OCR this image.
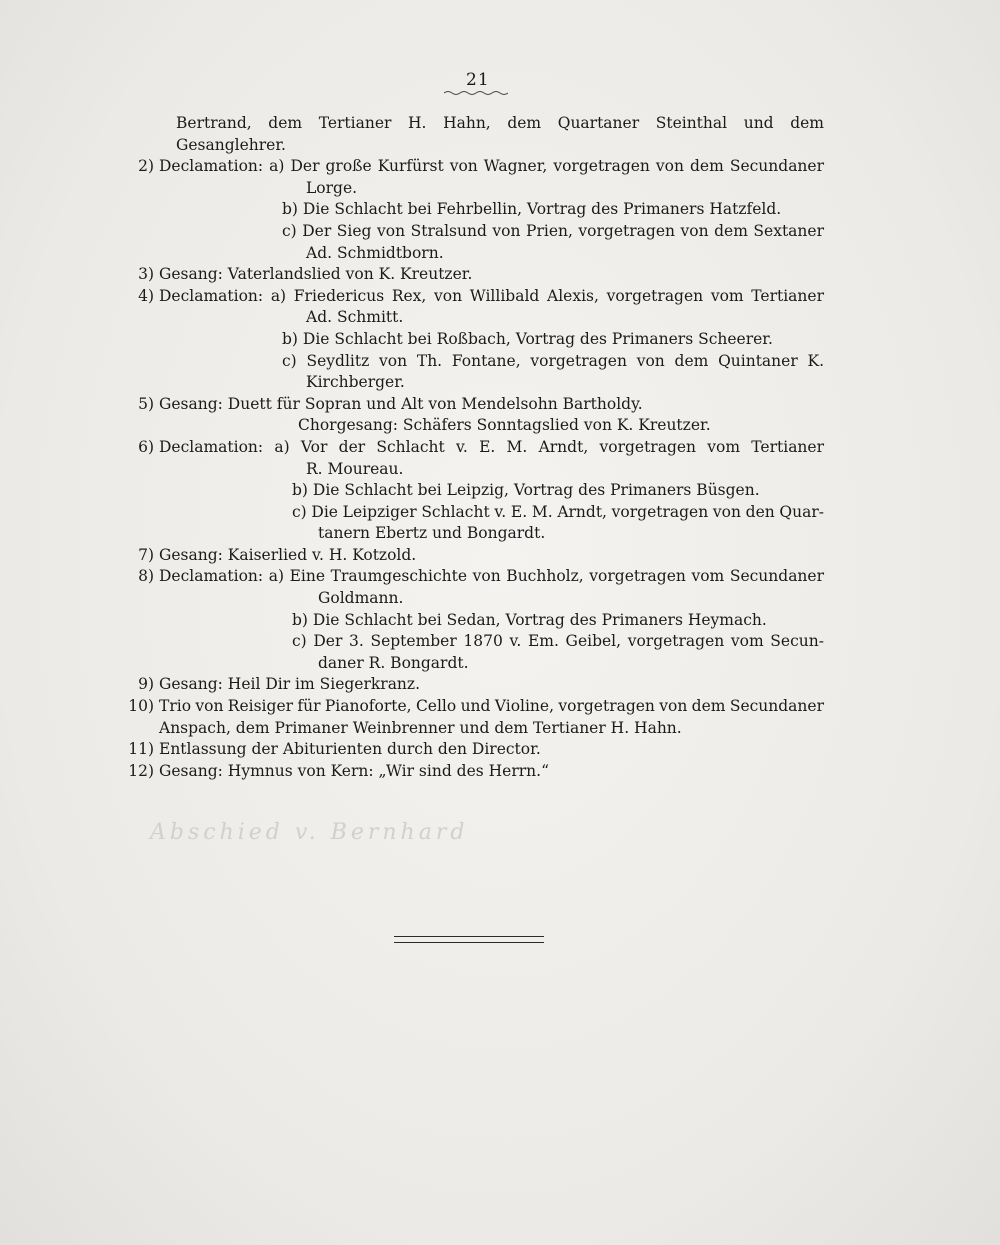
21
Abschied v. Bernhard
Bertrand, dem Tertianer H. Hahn, dem Quartaner Steinthal und dem
Gesanglehrer.
2) Declamation: a) Der große Kurfürst von Wagner, vorgetragen von dem Secundaner
Lorge.
b) Die Schlacht bei Fehrbellin, Vortrag des Primaners Hatzfeld.
c) Der Sieg von Stralsund von Prien, vorgetragen von dem Sextaner
Ad. Schmidtborn.
3) Gesang: Vaterlandslied von K. Kreutzer.
4) Declamation: a) Friedericus Rex, von Willibald Alexis, vorgetragen vom Tertianer
Ad. Schmitt.
b) Die Schlacht bei Roßbach, Vortrag des Primaners Scheerer.
c) Seydlitz von Th. Fontane, vorgetragen von dem Quintaner K.
Kirchberger.
5) Gesang: Duett für Sopran und Alt von Mendelsohn Bartholdy.
Chorgesang: Schäfers Sonntagslied von K. Kreutzer.
6) Declamation: a) Vor der Schlacht v. E. M. Arndt, vorgetragen vom Tertianer
R. Moureau.
b) Die Schlacht bei Leipzig, Vortrag des Primaners Büsgen.
c) Die Leipziger Schlacht v. E. M. Arndt, vorgetragen von den Quar-
tanern Ebertz und Bongardt.
7) Gesang: Kaiserlied v. H. Kotzold.
8) Declamation: a) Eine Traumgeschichte von Buchholz, vorgetragen vom Secundaner
Goldmann.
b) Die Schlacht bei Sedan, Vortrag des Primaners Heymach.
c) Der 3. September 1870 v. Em. Geibel, vorgetragen vom Secun-
daner R. Bongardt.
9) Gesang: Heil Dir im Siegerkranz.
10) Trio von Reisiger für Pianoforte, Cello und Violine, vorgetragen von dem Secundaner
Anspach, dem Primaner Weinbrenner und dem Tertianer H. Hahn.
11) Entlassung der Abiturienten durch den Director.
12) Gesang: Hymnus von Kern: „Wir sind des Herrn.“
